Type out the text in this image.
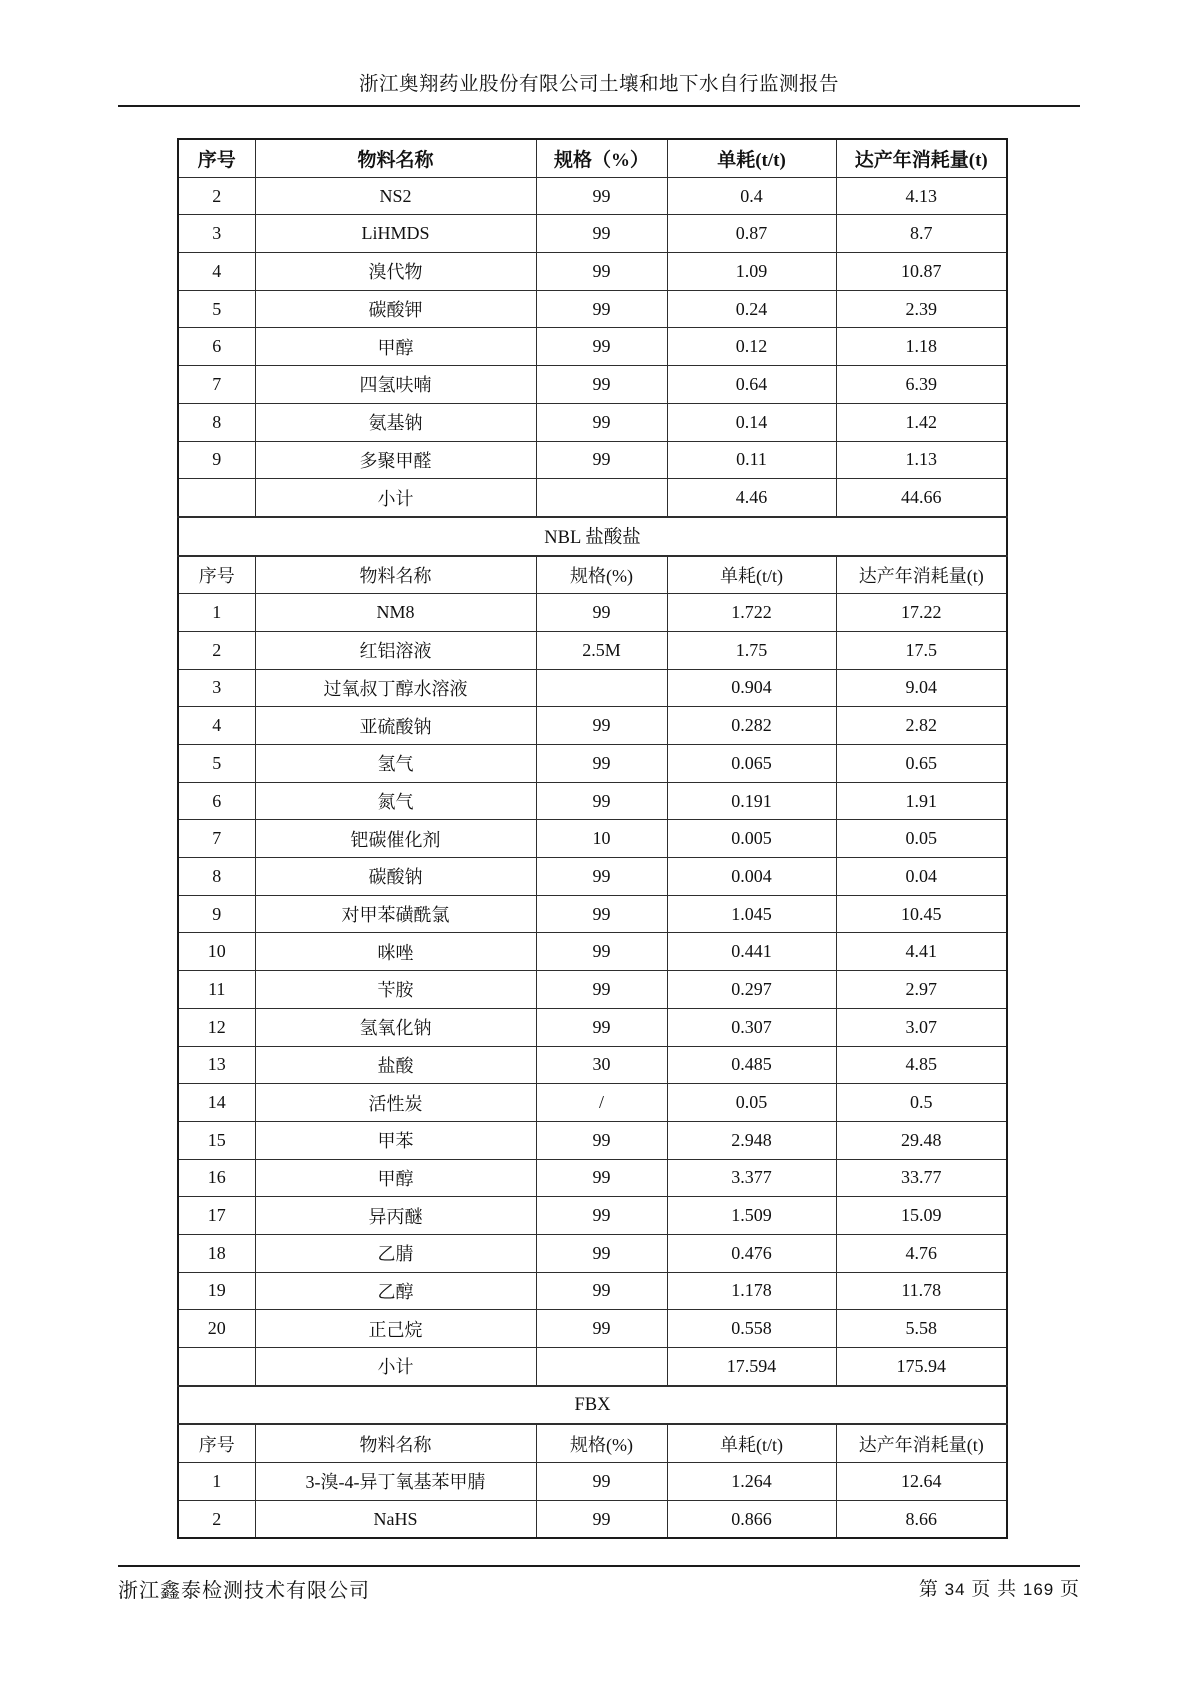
浙江奥翔药业股份有限公司土壤和地下水自行监测报告
序号	物料名称	规格（%）	单耗(t/t)	达产年消耗量(t)
2	NS2	99	0.4	4.13
3	LiHMDS	99	0.87	8.7
4	溴代物	99	1.09	10.87
5	碳酸钾	99	0.24	2.39
6	甲醇	99	0.12	1.18
7	四氢呋喃	99	0.64	6.39
8	氨基钠	99	0.14	1.42
9	多聚甲醛	99	0.11	1.13
	小计		4.46	44.66
NBL 盐酸盐				
序号	物料名称	规格(%)	单耗(t/t)	达产年消耗量(t)
1	NM8	99	1.722	17.22
2	红铝溶液	2.5M	1.75	17.5
3	过氧叔丁醇水溶液		0.904	9.04
4	亚硫酸钠	99	0.282	2.82
5	氢气	99	0.065	0.65
6	氮气	99	0.191	1.91
7	钯碳催化剂	10	0.005	0.05
8	碳酸钠	99	0.004	0.04
9	对甲苯磺酰氯	99	1.045	10.45
10	咪唑	99	0.441	4.41
11	苄胺	99	0.297	2.97
12	氢氧化钠	99	0.307	3.07
13	盐酸	30	0.485	4.85
14	活性炭	/	0.05	0.5
15	甲苯	99	2.948	29.48
16	甲醇	99	3.377	33.77
17	异丙醚	99	1.509	15.09
18	乙腈	99	0.476	4.76
19	乙醇	99	1.178	11.78
20	正己烷	99	0.558	5.58
	小计		17.594	175.94
FBX				
序号	物料名称	规格(%)	单耗(t/t)	达产年消耗量(t)
1	3-溴-4-异丁氧基苯甲腈	99	1.264	12.64
2	NaHS	99	0.866	8.66
浙江鑫泰检测技术有限公司	第 34 页 共 169 页
